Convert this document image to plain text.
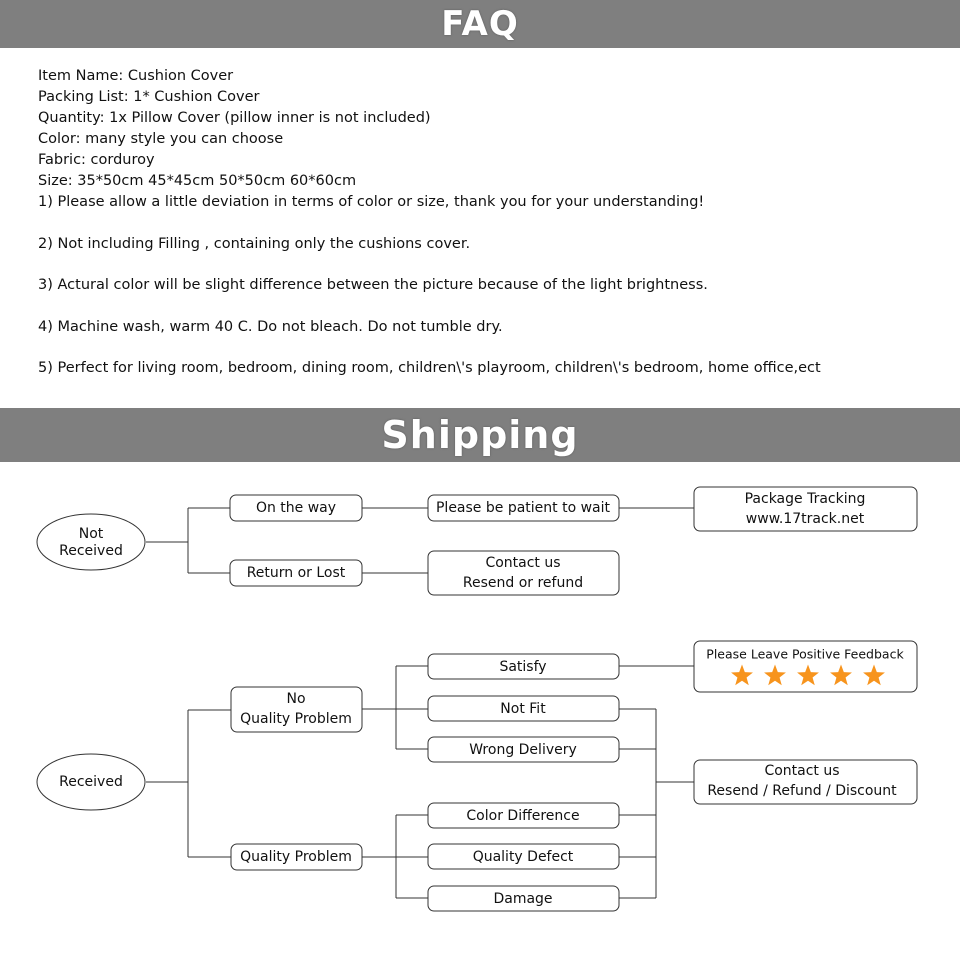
FAQ
Item Name: Cushion Cover
Packing List: 1* Cushion Cover
Quantity: 1x Pillow Cover (pillow inner is not included)
Color: many style you can choose
Fabric: corduroy
Size: 35*50cm 45*45cm 50*50cm 60*60cm
1) Please allow a little deviation in terms of color or size, thank you for your understanding!
2) Not including Filling , containing only the cushions cover.
3) Actural color will be slight difference between the picture because of the light brightness.
4) Machine wash, warm 40 C. Do not bleach. Do not tumble dry.
5) Perfect for living room, bedroom, dining room, children\'s playroom, children\'s bedroom, home office,ect
Shipping
Not
Received
On the way
Return or Lost
Please be patient to wait
Package Tracking
www.17track.net
Contact us
Resend or refund
Received
No
Quality Problem
Quality Problem
Satisfy
Not Fit
Wrong Delivery
Color Difference
Quality Defect
Damage
Please Leave Positive Feedback
Contact us
Resend / Refund / Discount
